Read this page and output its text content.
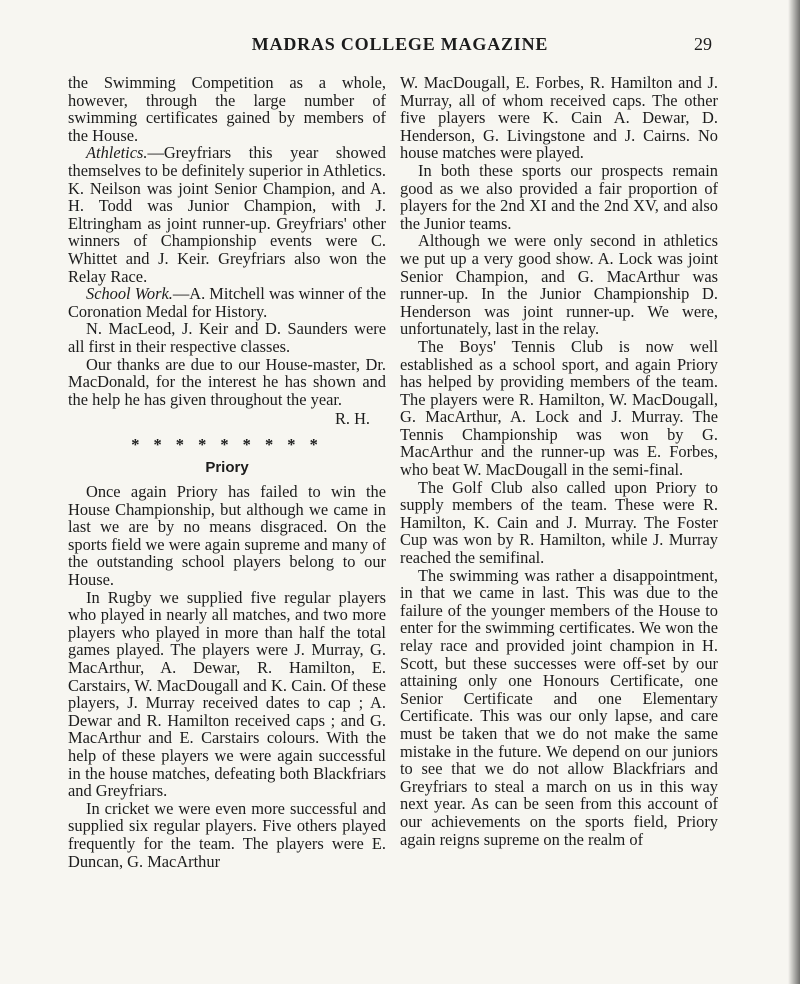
MADRAS COLLEGE MAGAZINE	29

the Swimming Competition as a whole, however, through the large number of swimming certificates gained by members of the House.

Athletics.—Greyfriars this year showed themselves to be definitely superior in Athletics. K. Neilson was joint Senior Champion, and A. H. Todd was Junior Champion, with J. Eltringham as joint runner-up. Greyfriars' other winners of Championship events were C. Whittet and J. Keir. Greyfriars also won the Relay Race.

School Work.—A. Mitchell was winner of the Coronation Medal for History.

N. MacLeod, J. Keir and D. Saunders were all first in their respective classes.

Our thanks are due to our House-master, Dr. MacDonald, for the interest he has shown and the help he has given throughout the year.

R. H.
* * * * * * * * *
Priory

Once again Priory has failed to win the House Championship, but although we came in last we are by no means disgraced. On the sports field we were again supreme and many of the outstanding school players belong to our House.

In Rugby we supplied five regular players who played in nearly all matches, and two more players who played in more than half the total games played. The players were J. Murray, G. MacArthur, A. Dewar, R. Hamilton, E. Carstairs, W. MacDougall and K. Cain. Of these players, J. Murray received dates to cap ; A. Dewar and R. Hamilton received caps ; and G. MacArthur and E. Carstairs colours. With the help of these players we were again successful in the house matches, defeating both Blackfriars and Greyfriars.

In cricket we were even more successful and supplied six regular players. Five others played frequently for the team. The players were E. Duncan, G. MacArthur

W. MacDougall, E. Forbes, R. Hamilton and J. Murray, all of whom received caps. The other five players were K. Cain A. Dewar, D. Henderson, G. Livingstone and J. Cairns. No house matches were played.

In both these sports our prospects remain good as we also provided a fair proportion of players for the 2nd XI and the 2nd XV, and also the Junior teams.

Although we were only second in athletics we put up a very good show. A. Lock was joint Senior Champion, and G. MacArthur was runner-up. In the Junior Championship D. Henderson was joint runner-up. We were, unfortunately, last in the relay.

The Boys' Tennis Club is now well established as a school sport, and again Priory has helped by providing members of the team. The players were R. Hamilton, W. MacDougall, G. MacArthur, A. Lock and J. Murray. The Tennis Championship was won by G. MacArthur and the runner-up was E. Forbes, who beat W. MacDougall in the semi-final.

The Golf Club also called upon Priory to supply members of the team. These were R. Hamilton, K. Cain and J. Murray. The Foster Cup was won by R. Hamilton, while J. Murray reached the semifinal.

The swimming was rather a disappointment, in that we came in last. This was due to the failure of the younger members of the House to enter for the swimming certificates. We won the relay race and provided joint champion in H. Scott, but these successes were off-set by our attaining only one Honours Certificate, one Senior Certificate and one Elementary Certificate. This was our only lapse, and care must be taken that we do not make the same mistake in the future. We depend on our juniors to see that we do not allow Blackfriars and Greyfriars to steal a march on us in this way next year. As can be seen from this account of our achievements on the sports field, Priory again reigns supreme on the realm of
